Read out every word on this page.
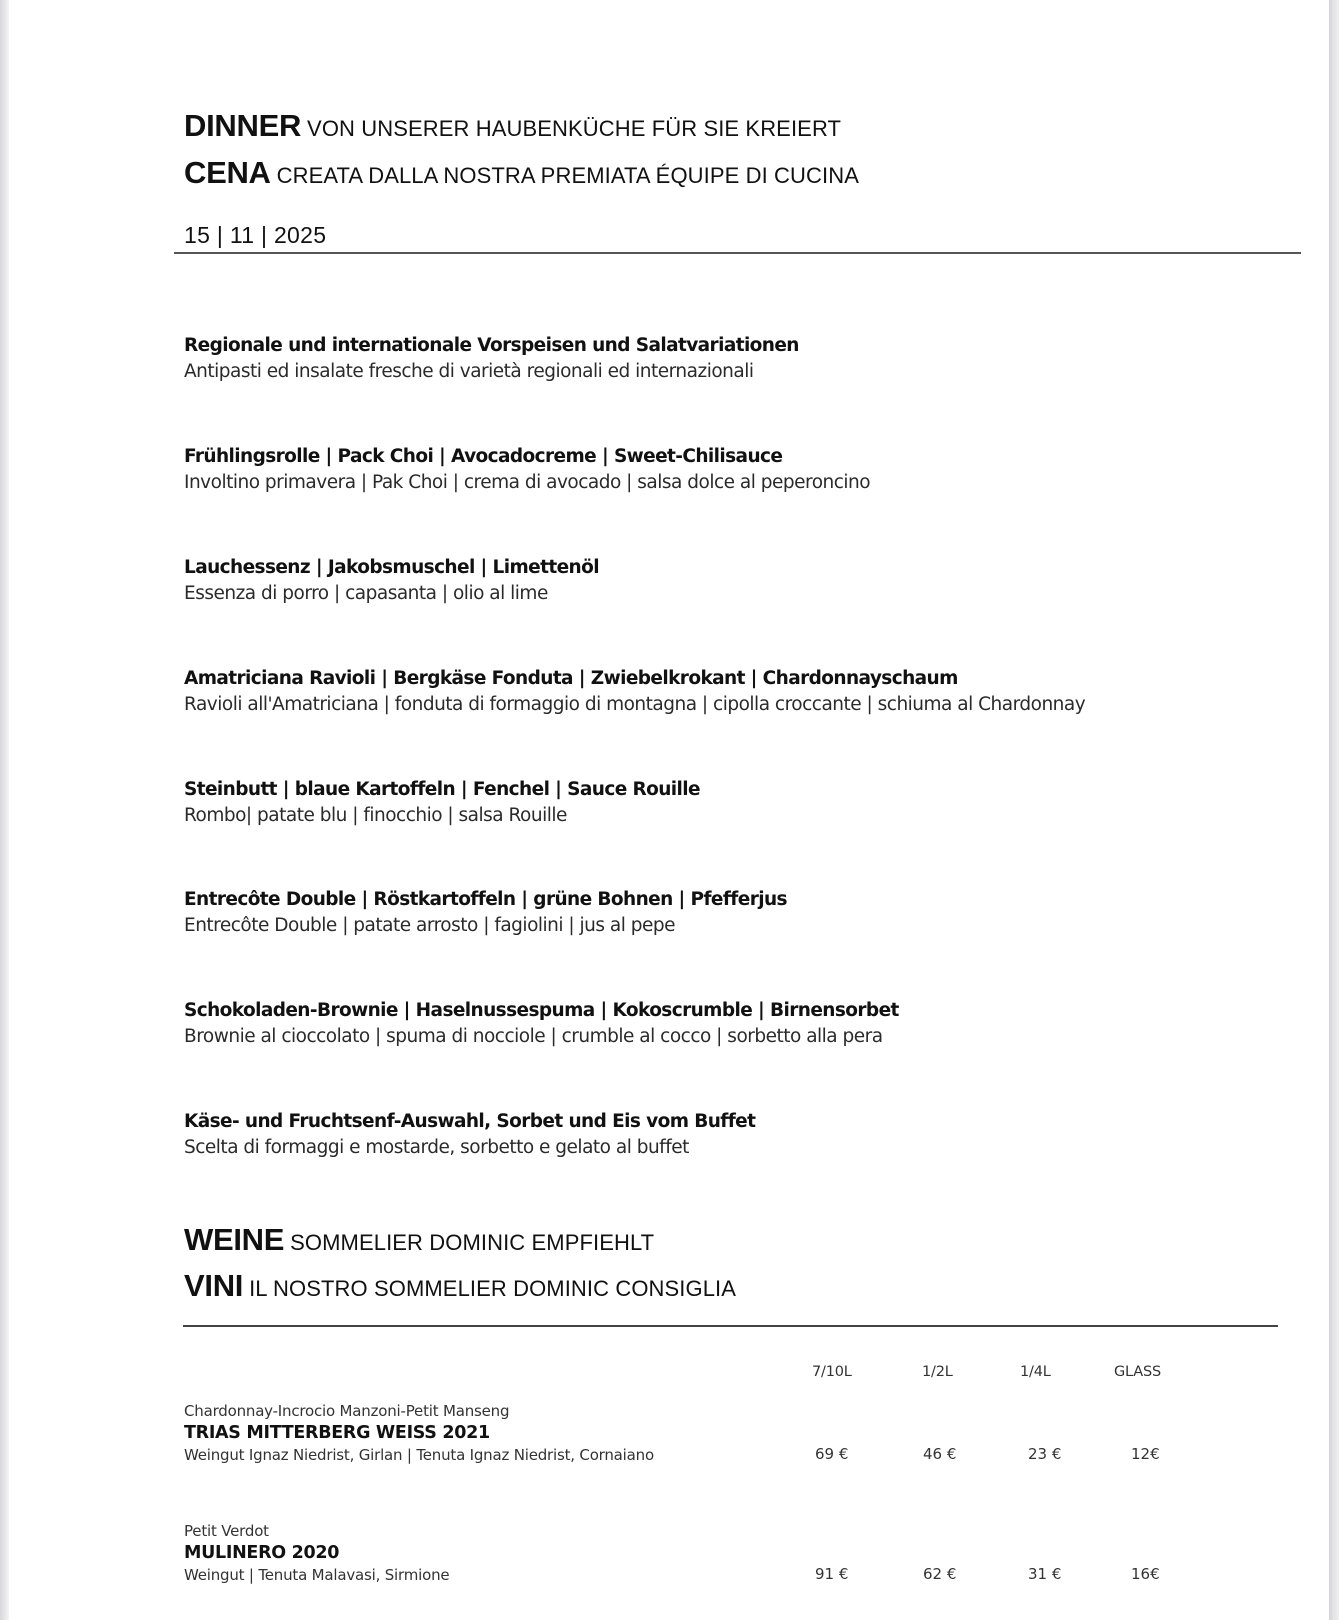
DINNER VON UNSERER HAUBENKÜCHE FÜR SIE KREIERT
CENA CREATA DALLA NOSTRA PREMIATA ÉQUIPE DI CUCINA
15 | 11 | 2025
Regionale und internationale Vorspeisen und Salatvariationen
Antipasti ed insalate fresche di varietà regionali ed internazionali
Frühlingsrolle | Pack Choi | Avocadocreme | Sweet-Chilisauce
Involtino primavera | Pak Choi | crema di avocado | salsa dolce al peperoncino
Lauchessenz | Jakobsmuschel | Limettenöl
Essenza di porro | capasanta | olio al lime
Amatriciana Ravioli | Bergkäse Fonduta | Zwiebelkrokant | Chardonnayschaum
Ravioli all'Amatriciana | fonduta di formaggio di montagna | cipolla croccante | schiuma al Chardonnay
Steinbutt | blaue Kartoffeln | Fenchel | Sauce Rouille
Rombo| patate blu | finocchio | salsa Rouille
Entrecôte Double | Röstkartoffeln | grüne Bohnen | Pfefferjus
Entrecôte Double | patate arrosto | fagiolini | jus al pepe
Schokoladen-Brownie | Haselnussespuma | Kokoscrumble | Birnensorbet
Brownie al cioccolato | spuma di nocciole | crumble al cocco | sorbetto alla pera
Käse- und Fruchtsenf-Auswahl, Sorbet und Eis vom Buffet
Scelta di formaggi e mostarde, sorbetto e gelato al buffet
WEINE SOMMELIER DOMINIC EMPFIEHLT
VINI IL NOSTRO SOMMELIER DOMINIC CONSIGLIA
7/10L	1/2L	1/4L	GLASS
Chardonnay-Incrocio Manzoni-Petit Manseng
TRIAS MITTERBERG WEISS 2021
Weingut Ignaz Niedrist, Girlan | Tenuta Ignaz Niedrist, Cornaiano	69 €	46 €	23 €	12€
Petit Verdot
MULINERO 2020
Weingut | Tenuta Malavasi, Sirmione	91 €	62 €	31 €	16€
